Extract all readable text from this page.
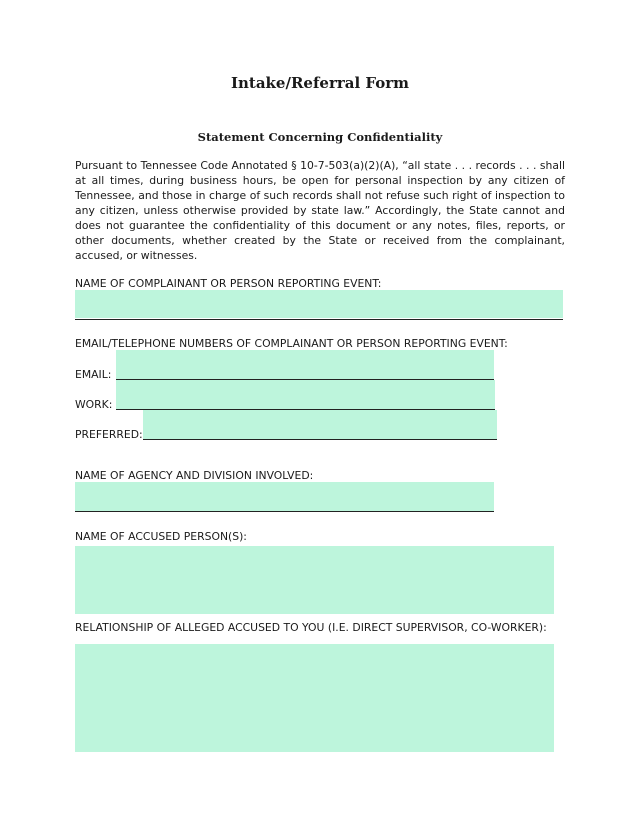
Intake/Referral Form
Statement Concerning Confidentiality
Pursuant to Tennessee Code Annotated § 10-7-503(a)(2)(A), “all state . . . records . . . shall at all times, during business hours, be open for personal inspection by any citizen of Tennessee, and those in charge of such records shall not refuse such right of inspection to any citizen, unless otherwise provided by state law.” Accordingly, the State cannot and does not guarantee the confidentiality of this document or any notes, files, reports, or other documents, whether created by the State or received from the complainant, accused, or witnesses.
NAME OF COMPLAINANT OR PERSON REPORTING EVENT:
EMAIL/TELEPHONE NUMBERS OF COMPLAINANT OR PERSON REPORTING EVENT:
EMAIL:
WORK:
PREFERRED:
NAME OF AGENCY AND DIVISION INVOLVED:
NAME OF ACCUSED PERSON(S):
RELATIONSHIP OF ALLEGED ACCUSED TO YOU (I.E. DIRECT SUPERVISOR, CO-WORKER):
